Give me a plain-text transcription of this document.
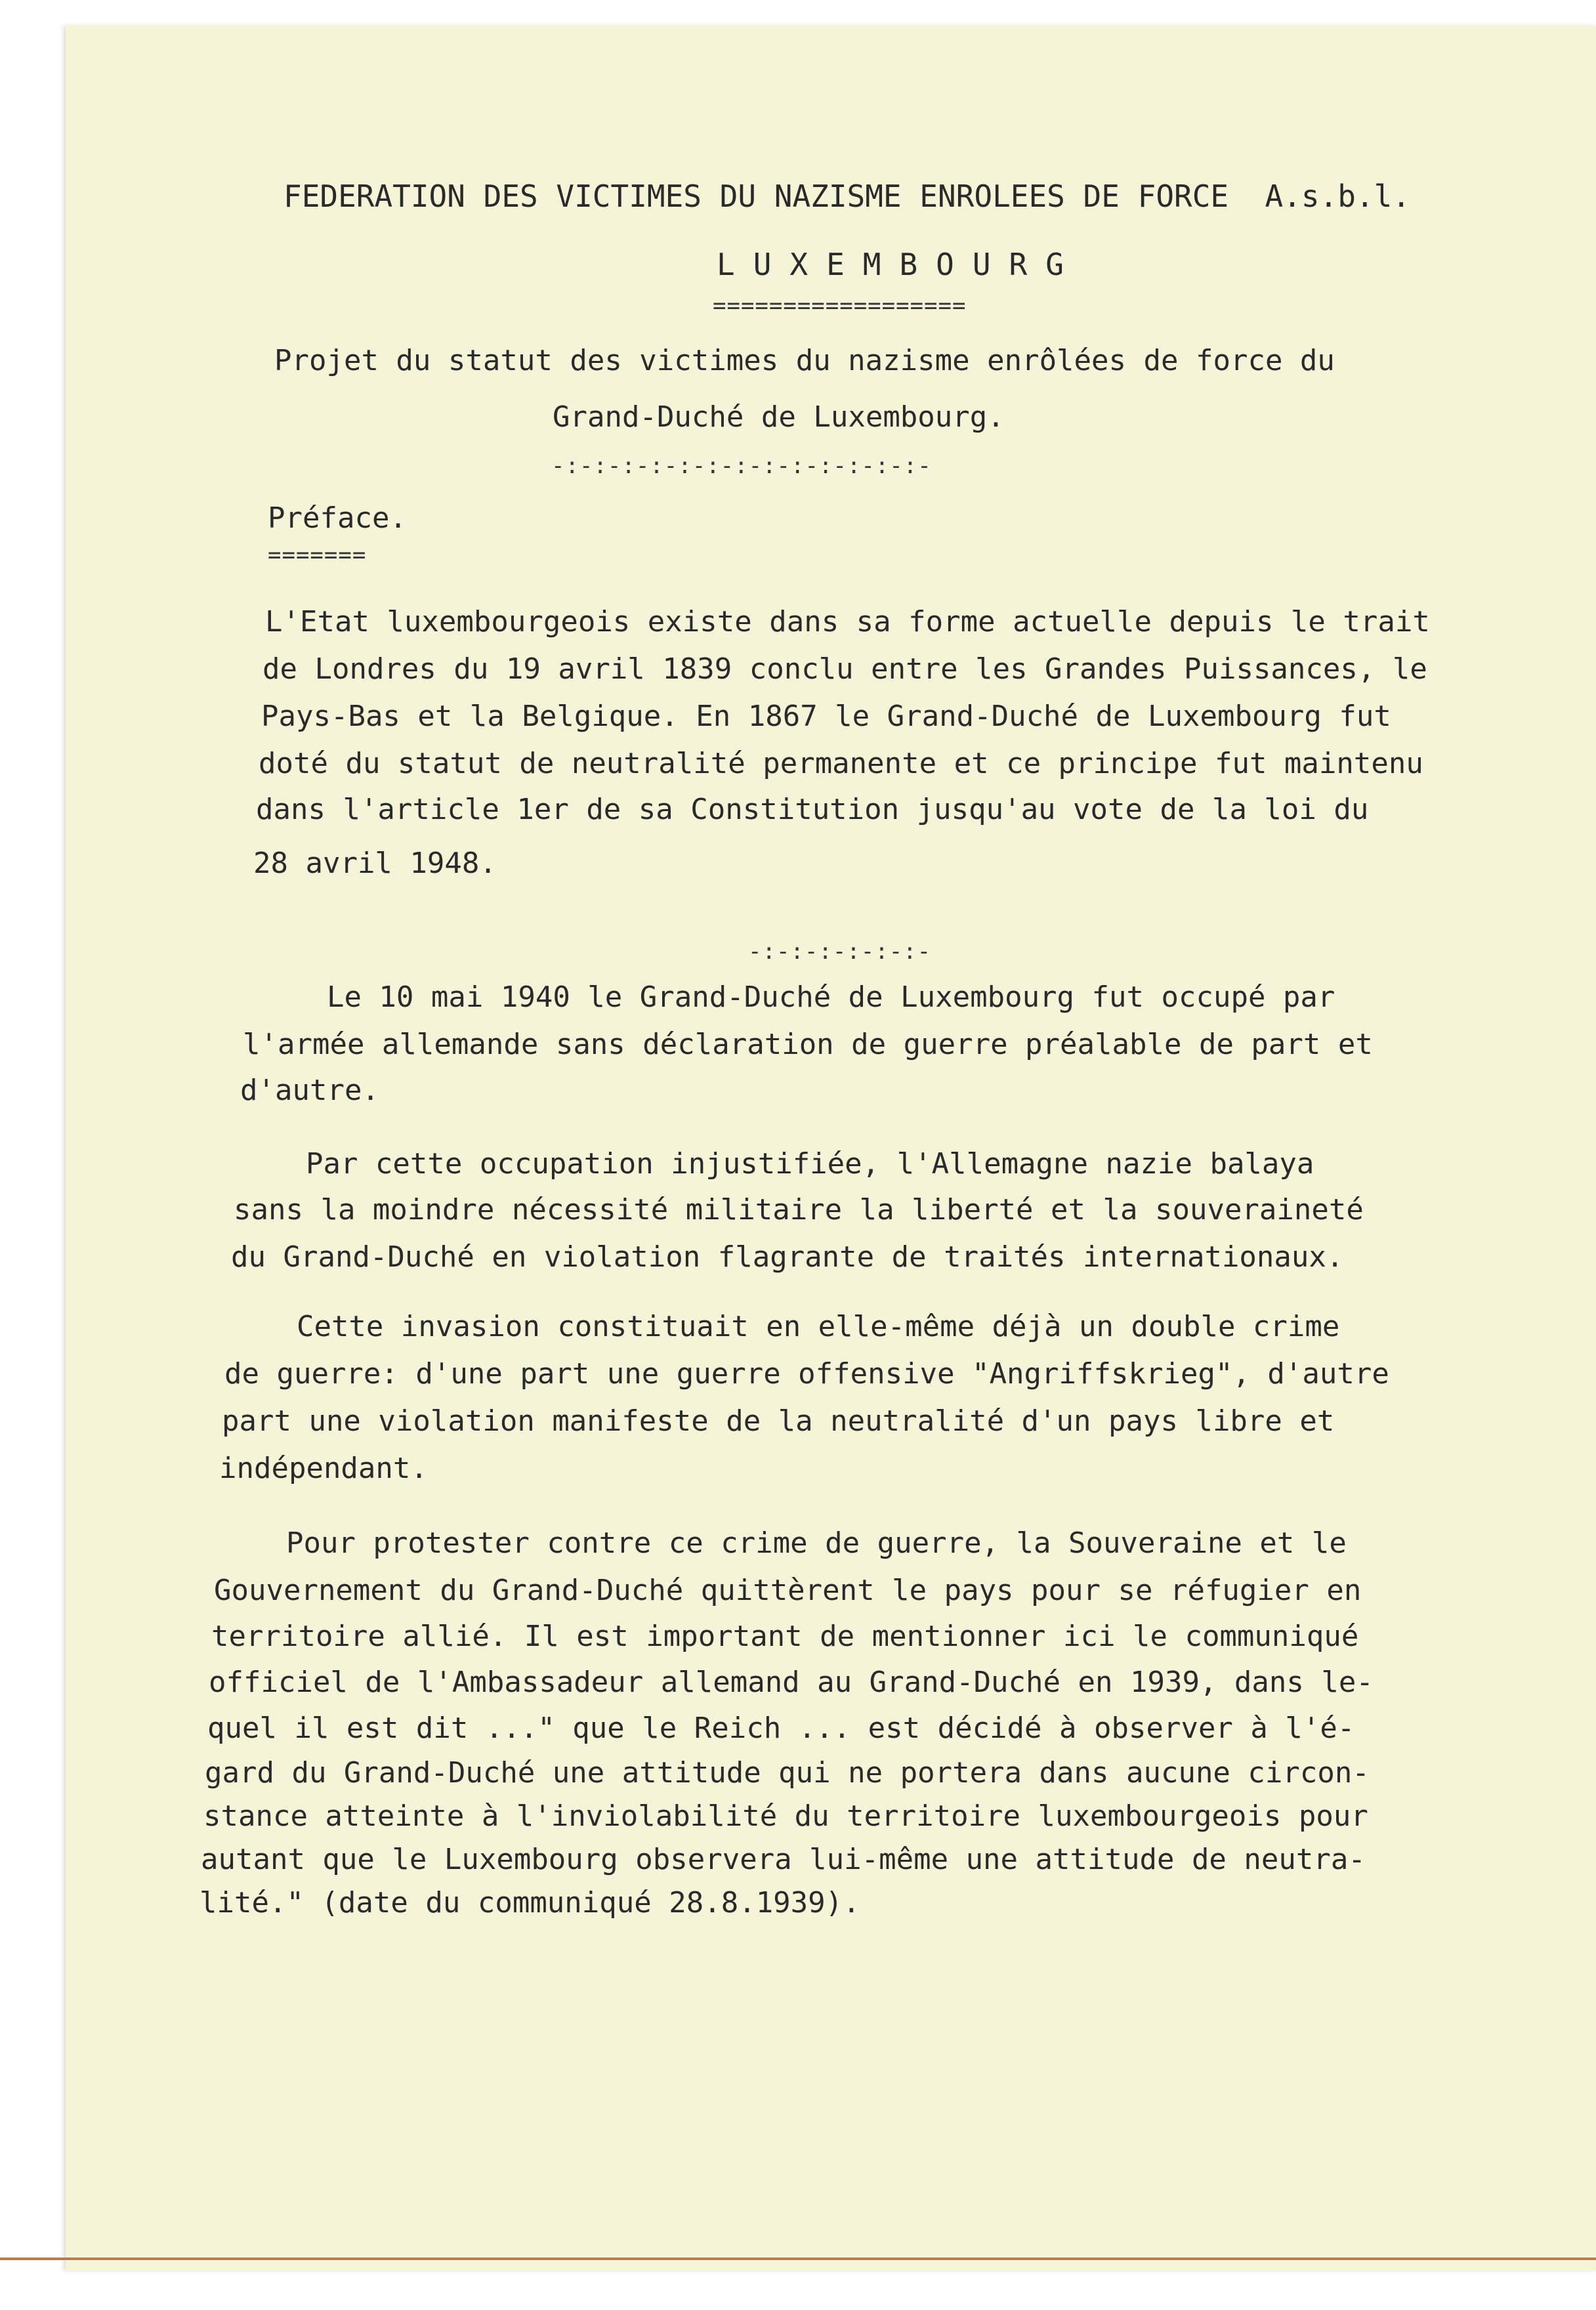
FEDERATION DES VICTIMES DU NAZISME ENROLEES DE FORCE  A.s.b.l.
LUXEMBOURG
==================
Projet du statut des victimes du nazisme enrôlées de force du
Grand-Duché de Luxembourg.
-:-:-:-:-:-:-:-:-:-:-:-:-:-
Préface.
=======
L'Etat luxembourgeois existe dans sa forme actuelle depuis le trait
de Londres du 19 avril 1839 conclu entre les Grandes Puissances, le
Pays-Bas et la Belgique. En 1867 le Grand-Duché de Luxembourg fut
doté du statut de neutralité permanente et ce principe fut maintenu
dans l'article 1er de sa Constitution jusqu'au vote de la loi du
28 avril 1948.
-:-:-:-:-:-:-
Le 10 mai 1940 le Grand-Duché de Luxembourg fut occupé par
l'armée allemande sans déclaration de guerre préalable de part et
d'autre.
Par cette occupation injustifiée, l'Allemagne nazie balaya
sans la moindre nécessité militaire la liberté et la souveraineté
du Grand-Duché en violation flagrante de traités internationaux.
Cette invasion constituait en elle-même déjà un double crime
de guerre: d'une part une guerre offensive "Angriffskrieg", d'autre
part une violation manifeste de la neutralité d'un pays libre et
indépendant.
Pour protester contre ce crime de guerre, la Souveraine et le
Gouvernement du Grand-Duché quittèrent le pays pour se réfugier en
territoire allié. Il est important de mentionner ici le communiqué
officiel de l'Ambassadeur allemand au Grand-Duché en 1939, dans le-
quel il est dit ..." que le Reich ... est décidé à observer à l'é-
gard du Grand-Duché une attitude qui ne portera dans aucune circon-
stance atteinte à l'inviolabilité du territoire luxembourgeois pour
autant que le Luxembourg observera lui-même une attitude de neutra-
lité." (date du communiqué 28.8.1939).
